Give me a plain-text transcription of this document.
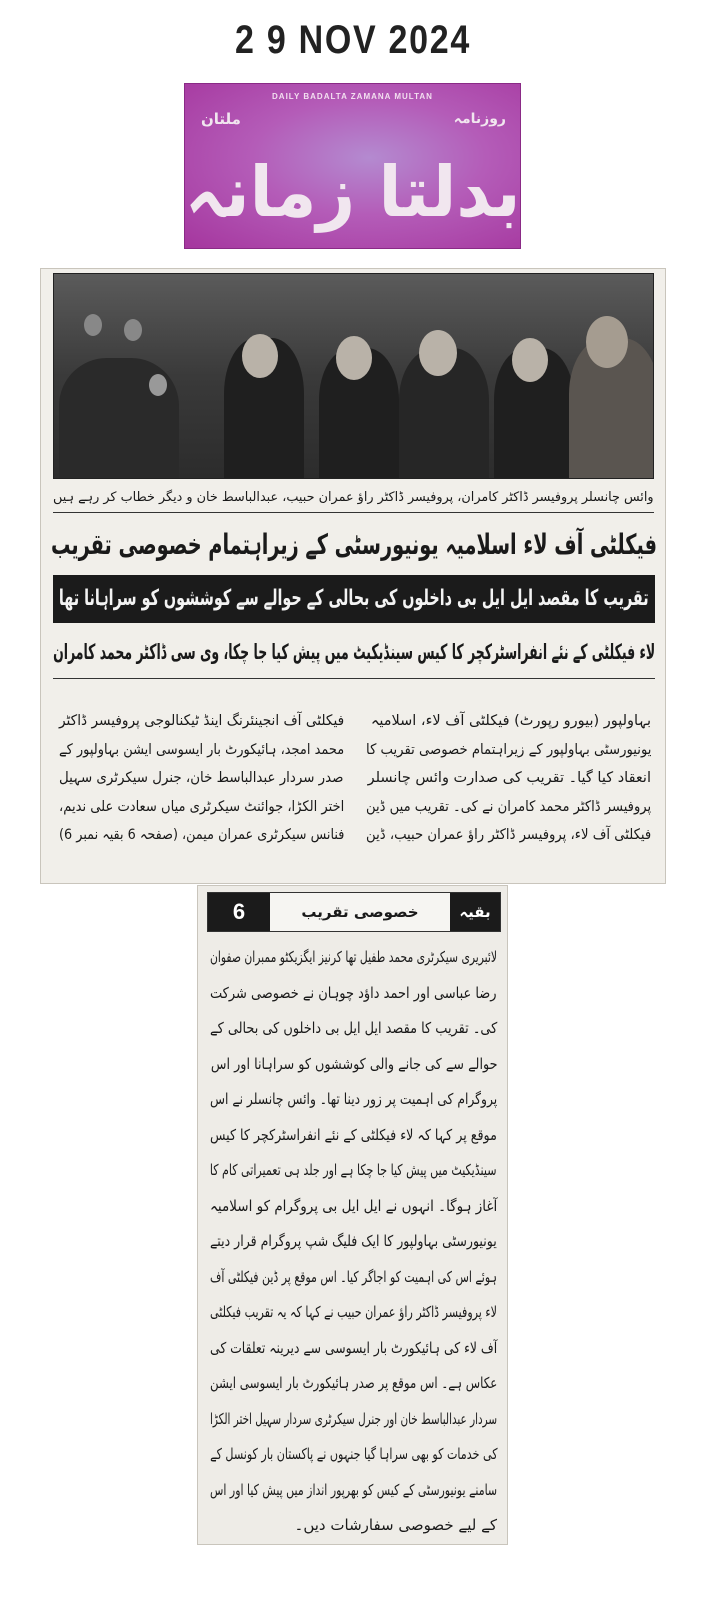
2 9 NOV 2024
DAILY BADALTA ZAMANA MULTAN
روزنامہ
ملتان
بدلتا زمانہ
وائس چانسلر پروفیسر ڈاکٹر کامران، پروفیسر ڈاکٹر راؤ عمران حبیب، عبدالباسط خان و دیگر خطاب کر رہے ہیں
فیکلٹی آف لاء اسلامیہ یونیورسٹی کے زیراہتمام خصوصی تقریب
تقریب کا مقصد ایل ایل بی داخلوں کی بحالی کے حوالے سے کوششوں کو سراہانا تھا
لاء فیکلٹی کے نئے انفراسٹرکچر کا کیس سینڈیکیٹ میں پیش کیا جا چکا، وی سی ڈاکٹر محمد کامران
بہاولپور (بیورو رپورٹ) فیکلٹی آف لاء، اسلامیہ
یونیورسٹی بہاولپور کے زیراہتمام خصوصی تقریب کا
انعقاد کیا گیا۔ تقریب کی صدارت وائس چانسلر
پروفیسر ڈاکٹر محمد کامران نے کی۔ تقریب میں ڈین
فیکلٹی آف لاء، پروفیسر ڈاکٹر راؤ عمران حبیب، ڈین
فیکلٹی آف انجینئرنگ اینڈ ٹیکنالوجی پروفیسر ڈاکٹر
محمد امجد، ہائیکورٹ بار ایسوسی ایشن بہاولپور کے
صدر سردار عبدالباسط خان، جنرل سیکرٹری سہیل
اختر الکڑا، جوائنٹ سیکرٹری میاں سعادت علی ندیم،
فنانس سیکرٹری عمران میمن، (صفحہ 6 بقیہ نمبر 6)
6	خصوصی تقریب	بقیہ
لائبریری سیکرٹری محمد طفیل تھا کرنیز ایگزیکٹو ممبران صفوان
رضا عباسی اور احمد داؤد چوہان نے خصوصی شرکت
کی۔ تقریب کا مقصد ایل ایل بی داخلوں کی بحالی کے
حوالے سے کی جانے والی کوششوں کو سراہانا اور اس
پروگرام کی اہمیت پر زور دینا تھا۔ وائس چانسلر نے اس
موقع پر کہا کہ لاء فیکلٹی کے نئے انفراسٹرکچر کا کیس
سینڈیکیٹ میں پیش کیا جا چکا ہے اور جلد ہی تعمیراتی کام کا
آغاز ہوگا۔ انہوں نے ایل ایل بی پروگرام کو اسلامیہ
یونیورسٹی بہاولپور کا ایک فلیگ شپ پروگرام قرار دیتے
ہوئے اس کی اہمیت کو اجاگر کیا۔ اس موقع پر ڈین فیکلٹی آف
لاء پروفیسر ڈاکٹر راؤ عمران حبیب نے کہا کہ یہ تقریب فیکلٹی
آف لاء کی ہائیکورٹ بار ایسوسی سے دیرینہ تعلقات کی
عکاس ہے۔ اس موقع پر صدر ہائیکورٹ بار ایسوسی ایشن
سردار عبدالباسط خان اور جنرل سیکرٹری سردار سہیل اختر الکڑا
کی خدمات کو بھی سراہا گیا جنہوں نے پاکستان بار کونسل کے
سامنے یونیورسٹی کے کیس کو بھرپور انداز میں پیش کیا اور اس
کے لیے خصوصی سفارشات دیں۔
